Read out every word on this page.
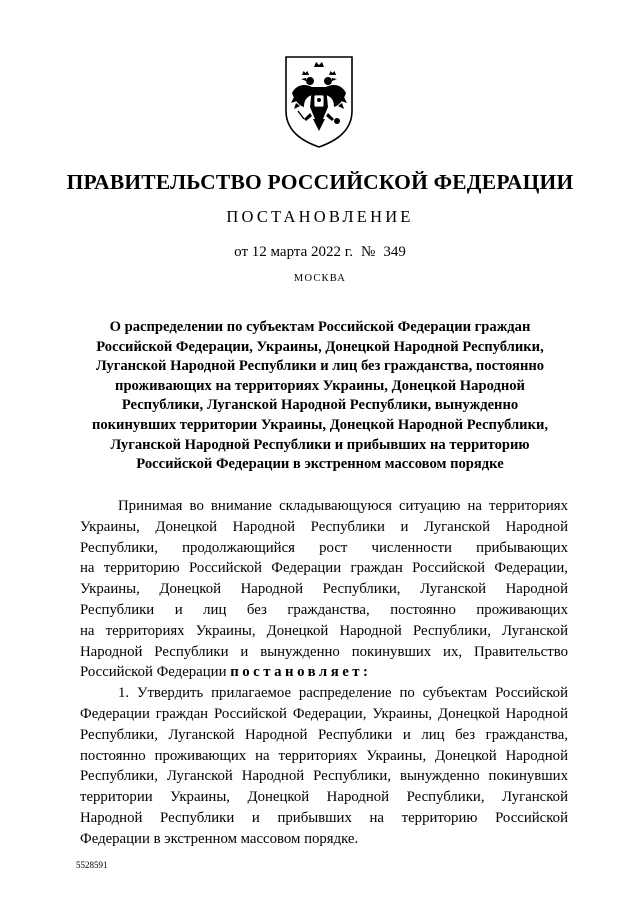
ПРАВИТЕЛЬСТВО РОССИЙСКОЙ ФЕДЕРАЦИИ
ПОСТАНОВЛЕНИЕ
от 12 марта 2022 г. № 349
МОСКВА
О распределении по субъектам Российской Федерации граждан
Российской Федерации, Украины, Донецкой Народной Республики,
Луганской Народной Республики и лиц без гражданства, постоянно
проживающих на территориях Украины, Донецкой Народной
Республики, Луганской Народной Республики, вынужденно
покинувших территории Украины, Донецкой Народной Республики,
Луганской Народной Республики и прибывших на территорию
Российской Федерации в экстренном массовом порядке
Принимая во внимание складывающуюся ситуацию на территориях
Украины, Донецкой Народной Республики и Луганской Народной
Республики, продолжающийся рост численности прибывающих
на территорию Российской Федерации граждан Российской Федерации,
Украины, Донецкой Народной Республики, Луганской Народной
Республики и лиц без гражданства, постоянно проживающих
на территориях Украины, Донецкой Народной Республики, Луганской
Народной Республики и вынужденно покинувших их, Правительство
Российской Федерации постановляет:
1. Утвердить прилагаемое распределение по субъектам Российской
Федерации граждан Российской Федерации, Украины, Донецкой Народной
Республики, Луганской Народной Республики и лиц без гражданства,
постоянно проживающих на территориях Украины, Донецкой Народной
Республики, Луганской Народной Республики, вынужденно покинувших
территории Украины, Донецкой Народной Республики, Луганской
Народной Республики и прибывших на территорию Российской
Федерации в экстренном массовом порядке.
5528591
